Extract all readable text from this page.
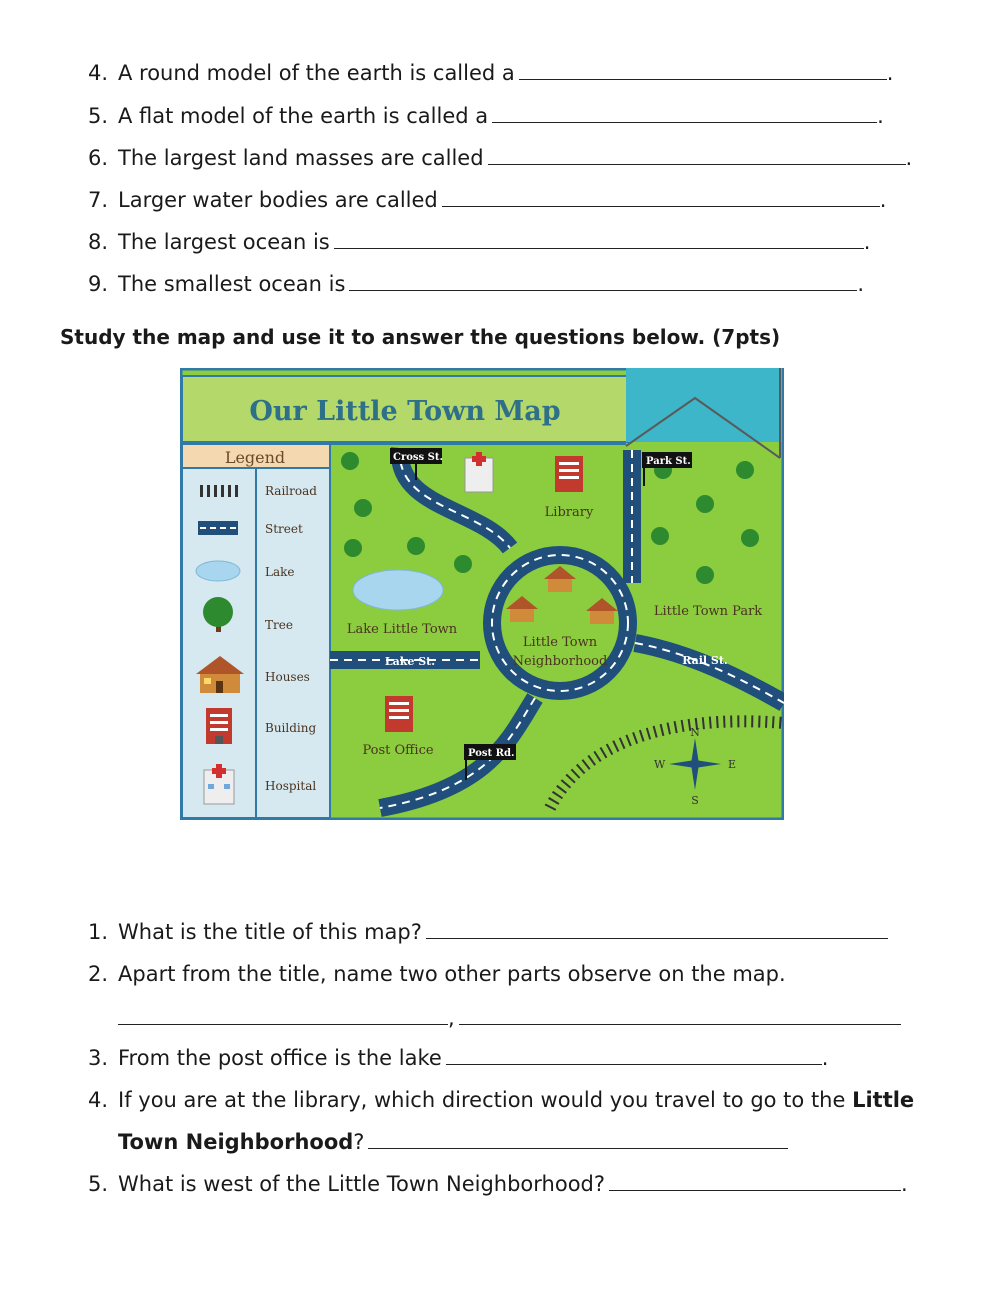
4. A round model of the earth is called a	.
5. A flat model of the earth is called a	.
6. The largest land masses are called	.
7. Larger water bodies are called	.
8. The largest ocean is	.
9. The smallest ocean is	.
Study the map and use it to answer the questions below. (7pts)
Our Little Town Map
Legend
Railroad
Street
Lake
Tree
Houses
Building
Hospital
Cross St.	Park St.
Library
Little Town Park
Lake Little Town
Lake St.
Little Town
Neighborhood	Rail St.
Post Office	Post Rd.
N
S
E
W
1. What is the title of this map?
2. Apart from the title, name two other parts observe on the map.
,
3. From the post office is the lake	.
4. If you are at the library, which direction would you travel to go to the Little
Town Neighborhood?
5. What is west of the Little Town Neighborhood?	.
